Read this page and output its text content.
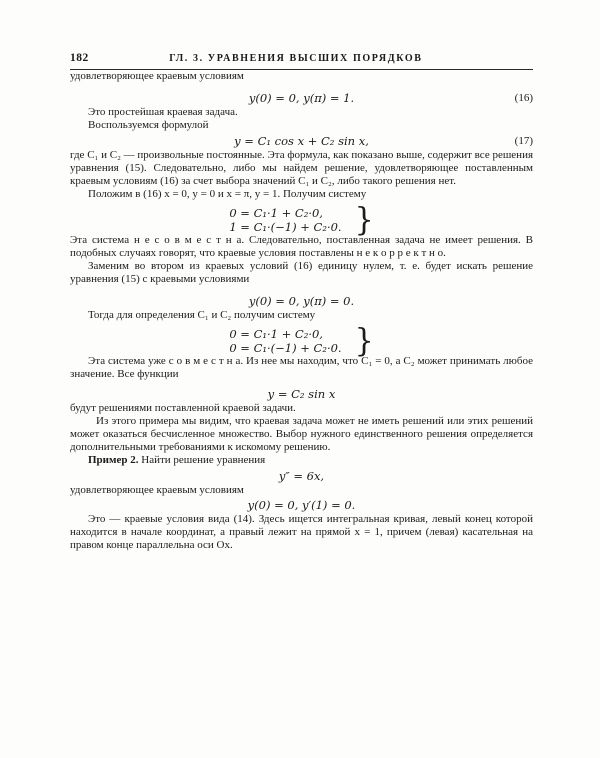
182	ГЛ. 3. УРАВНЕНИЯ ВЫСШИХ ПОРЯДКОВ

удовлетворяющее краевым условиям

y(0) = 0, y(π) = 1.	(16)

Это простейшая краевая задача.

Воспользуемся формулой

y = C₁ cos x + C₂ sin x,	(17)

где C₁ и C₂ — произвольные постоянные. Эта формула, как показано выше, содержит все решения уравнения (15). Следовательно, либо мы найдем решение, удовлетворяющее поставленным краевым условиям (16) за счет выбора значений C₁ и C₂, либо такого решения нет.

Положим в (16) x = 0, y = 0 и x = π, y = 1. Получим систему

0 = C₁·1 + C₂·0,
1 = C₁·(−1) + C₂·0. }

Эта система н е с о в м е с т н а. Следовательно, поставленная задача не имеет решения. В подобных случаях говорят, что краевые условия поставлены н е к о р р е к т н о.

Заменим во втором из краевых условий (16) единицу нулем, т. е. будет искать решение уравнения (15) с краевыми условиями

y(0) = 0, y(π) = 0.

Тогда для определения C₁ и C₂ получим систему

0 = C₁·1 + C₂·0,
0 = C₁·(−1) + C₂·0. }

Эта система уже с о в м е с т н а. Из нее мы находим, что C₁ = 0, а C₂ может принимать любое значение. Все функции

y = C₂ sin x

будут решениями поставленной краевой задачи.

Из этого примера мы видим, что краевая задача может не иметь решений или этих решений может оказаться бесчисленное множество. Выбор нужного единственного решения определяется дополнительными требованиями к искомому решению.

Пример 2. Найти решение уравнения

y″ = 6x,

удовлетворяющее краевым условиям

y(0) = 0, y′(1) = 0.

Это — краевые условия вида (14). Здесь ищется интегральная кривая, левый конец которой находится в начале координат, а правый лежит на прямой x = 1, причем (левая) касательная на правом конце параллельна оси Ox.
